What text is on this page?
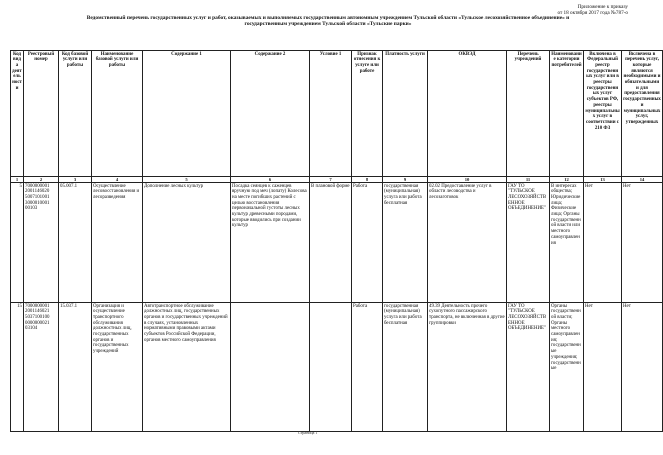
Приложение к приказу
от 18 октября 2017 года №787-о
Ведомственный перечень государственных услуг и работ, оказываемых и выполняемых государственным автономным учреждением Тульской области «Тульское лесохозяйственное объединение» и
государственным учреждением Тульской области «Тульские парки»
Код вида деятельности	Реестровый номер	Код базовой услуги или работы	Наименование базовой услуги или работы	Содержание 1	Содержание 2	Условие 1	Признак отнесения к услуге или работе	Платность услуги	ОКВЭД	Перечень учреждений	Наименование категории потребителей	Включена в Федеральный реестр государственных услуг или в реестры государственных услуг субъектов РФ, реестры муниципальных услуг в соответствии с 210 ФЗ	Включена в перечень услуг, которые являются необходимыми и обязательными и для предоставления государственных и муниципальных услуг, утвержденных
1	2	3	4	5	6	7	8	9	10	11	12	13	14
5	7000000001 2001146020 5007101001 3000010001 00103	05.007.1	Осуществление лесовосстановления и лесоразведения	Дополнение лесных культур	Посадка сеянцев к саженцев вручную под меч (лопату) Колесова на месте погибших растений с целью восстановления первоначальной густоты лесных культур древесными породами, которые вводились при создании культур	В плановой форме	Работа	государственная (муниципальная) услуга или работа бесплатная	02.02 Предоставление услуг в области лесоводства и лесозаготовок	ГАУ ТО "ТУЛЬСКОЕ ЛЕСОХОЗЯЙСТВЕННОЕ ОБЪЕДИНЕНИЕ"	В интересах общества; Юридические лица; Физические лица; Органы государственной власти или местного самоуправления	Нет	Нет
15	7000000001 2001146021 5037100100 0000000021 03104	15.037.1	Организация и осуществление транспортного обслуживания должностных лиц, государственных органов и государственных учреждений	Автотранспортное обслуживание должностных лиц, государственных органов и государственных учреждений в случаях, установленных нормативными правовыми актами субъектов Российской Федерации, органов местного самоуправления			Работа	государственная (муниципальная) услуга или работа бесплатная	49.39 Деятельность прочего сухопутного пассажирского транспорта, не включенная в другие группировки	ГАУ ТО "ТУЛЬСКОЕ ЛЕСОХОЗЯЙСТВЕННОЕ ОБЪЕДИНЕНИЕ"	Органы государственной власти; Органы местного самоуправления; государственные учреждения; государственные	Нет	Нет
Страница 1
